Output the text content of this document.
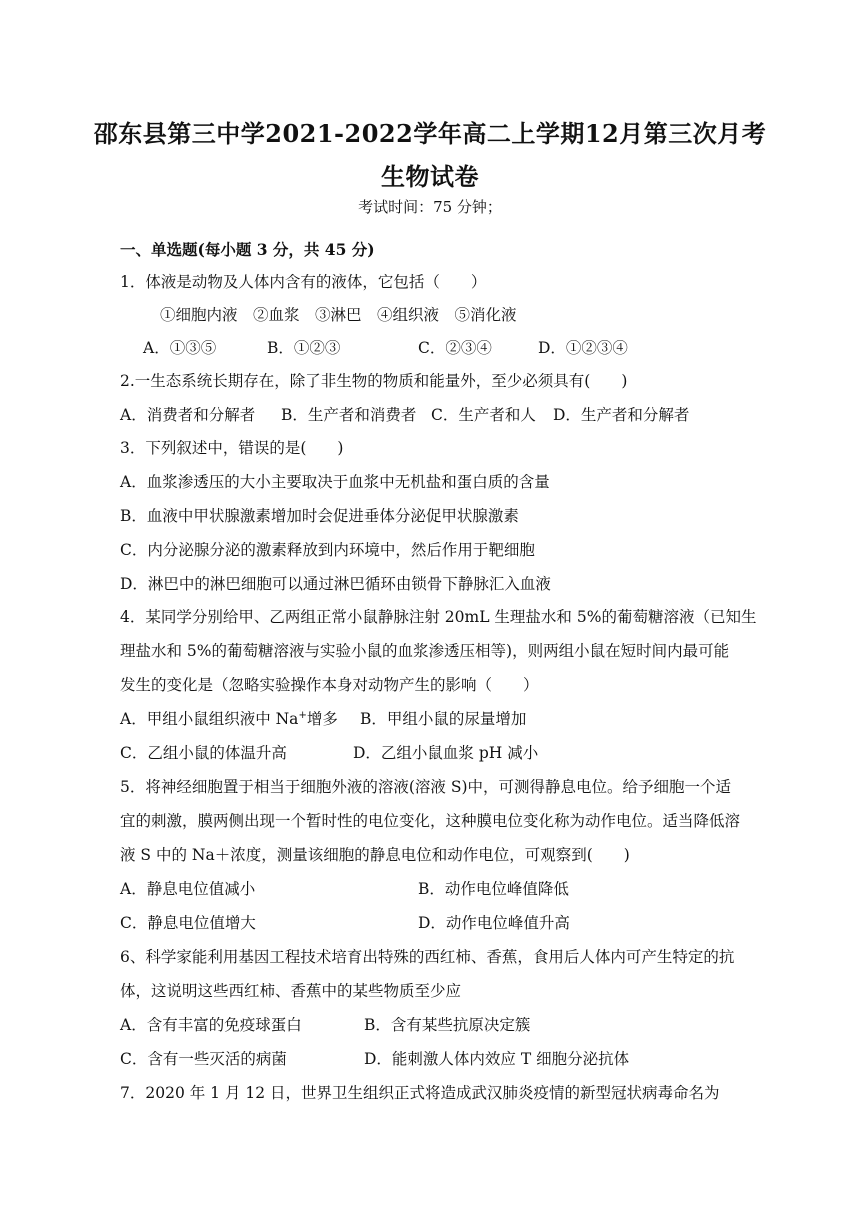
邵东县第三中学2021-2022学年高二上学期12月第三次月考
生物试卷
考试时间：75 分钟；
一、单选题(每小题 3 分，共 45 分)
1．体液是动物及人体内含有的液体，它包括（　　）
①细胞内液　②血浆　③淋巴　④组织液　⑤消化液
A．①③⑤	B．①②③	C．②③④	D．①②③④
2.一生态系统长期存在，除了非生物的物质和能量外，至少必须具有(　　)
A．消费者和分解者 B．生产者和消费者 C．生产者和人 D．生产者和分解者
3．下列叙述中，错误的是(　　)
A．血浆渗透压的大小主要取决于血浆中无机盐和蛋白质的含量
B．血液中甲状腺激素增加时会促进垂体分泌促甲状腺激素
C．内分泌腺分泌的激素释放到内环境中，然后作用于靶细胞
D．淋巴中的淋巴细胞可以通过淋巴循环由锁骨下静脉汇入血液
4．某同学分别给甲、乙两组正常小鼠静脉注射 20mL 生理盐水和 5%的葡萄糖溶液（已知生
理盐水和 5%的葡萄糖溶液与实验小鼠的血浆渗透压相等)，则两组小鼠在短时间内最可能
发生的变化是（忽略实验操作本身对动物产生的影响（　　）
A．甲组小鼠组织液中 Na+增多 B．甲组小鼠的尿量增加
C．乙组小鼠的体温升高	D．乙组小鼠血浆 pH 减小
5．将神经细胞置于相当于细胞外液的溶液(溶液 S)中，可测得静息电位。给予细胞一个适
宜的刺激，膜两侧出现一个暂时性的电位变化，这种膜电位变化称为动作电位。适当降低溶
液 S 中的 Na＋浓度，测量该细胞的静息电位和动作电位，可观察到(　　)
A．静息电位值减小	B．动作电位峰值降低
C．静息电位值增大	D．动作电位峰值升高
6、科学家能利用基因工程技术培育出特殊的西红柿、香蕉，食用后人体内可产生特定的抗
体，这说明这些西红柿、香蕉中的某些物质至少应
A．含有丰富的免疫球蛋白	B．含有某些抗原决定簇
C．含有一些灭活的病菌	D．能刺激人体内效应 T 细胞分泌抗体
7．2020 年 1 月 12 日，世界卫生组织正式将造成武汉肺炎疫情的新型冠状病毒命名为
